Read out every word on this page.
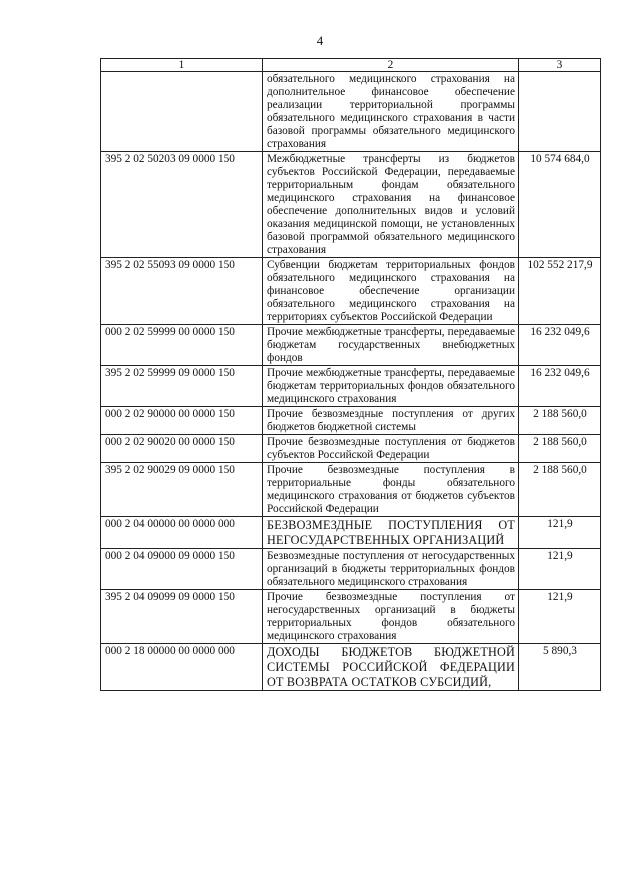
4
1	2	3
	обязательного медицинского страхования на дополнительное финансовое обеспечение реализации территориальной программы обязательного медицинского страхования в части базовой программы обязательного медицинского страхования	
395 2 02 50203 09 0000 150	Межбюджетные трансферты из бюджетов субъектов Российской Федерации, передаваемые территориальным фондам обязательного медицинского страхования на финансовое обеспечение дополнительных видов и условий оказания медицинской помощи, не установленных базовой программой обязательного медицинского страхования	10 574 684,0
395 2 02 55093 09 0000 150	Субвенции бюджетам территориальных фондов обязательного медицинского страхования на финансовое обеспечение организации обязательного медицинского страхования на территориях субъектов Российской Федерации	102 552 217,9
000 2 02 59999 00 0000 150	Прочие межбюджетные трансферты, передаваемые бюджетам государственных внебюджетных фондов	16 232 049,6
395 2 02 59999 09 0000 150	Прочие межбюджетные трансферты, передаваемые бюджетам территориальных фондов обязательного медицинского страхования	16 232 049,6
000 2 02 90000 00 0000 150	Прочие безвозмездные поступления от других бюджетов бюджетной системы	2 188 560,0
000 2 02 90020 00 0000 150	Прочие безвозмездные поступления от бюджетов субъектов Российской Федерации	2 188 560,0
395 2 02 90029 09 0000 150	Прочие безвозмездные поступления в территориальные фонды обязательного медицинского страхования от бюджетов субъектов Российской Федерации	2 188 560,0
000 2 04 00000 00 0000 000	БЕЗВОЗМЕЗДНЫЕ ПОСТУПЛЕНИЯ ОТ НЕГОСУДАРСТВЕННЫХ ОРГАНИЗАЦИЙ	121,9
000 2 04 09000 09 0000 150	Безвозмездные поступления от негосударственных организаций в бюджеты территориальных фондов обязательного медицинского страхования	121,9
395 2 04 09099 09 0000 150	Прочие безвозмездные поступления от негосударственных организаций в бюджеты территориальных фондов обязательного медицинского страхования	121,9
000 2 18 00000 00 0000 000	ДОХОДЫ БЮДЖЕТОВ БЮДЖЕТНОЙ СИСТЕМЫ РОССИЙСКОЙ ФЕДЕРАЦИИ ОТ ВОЗВРАТА ОСТАТКОВ СУБСИДИЙ,	5 890,3
